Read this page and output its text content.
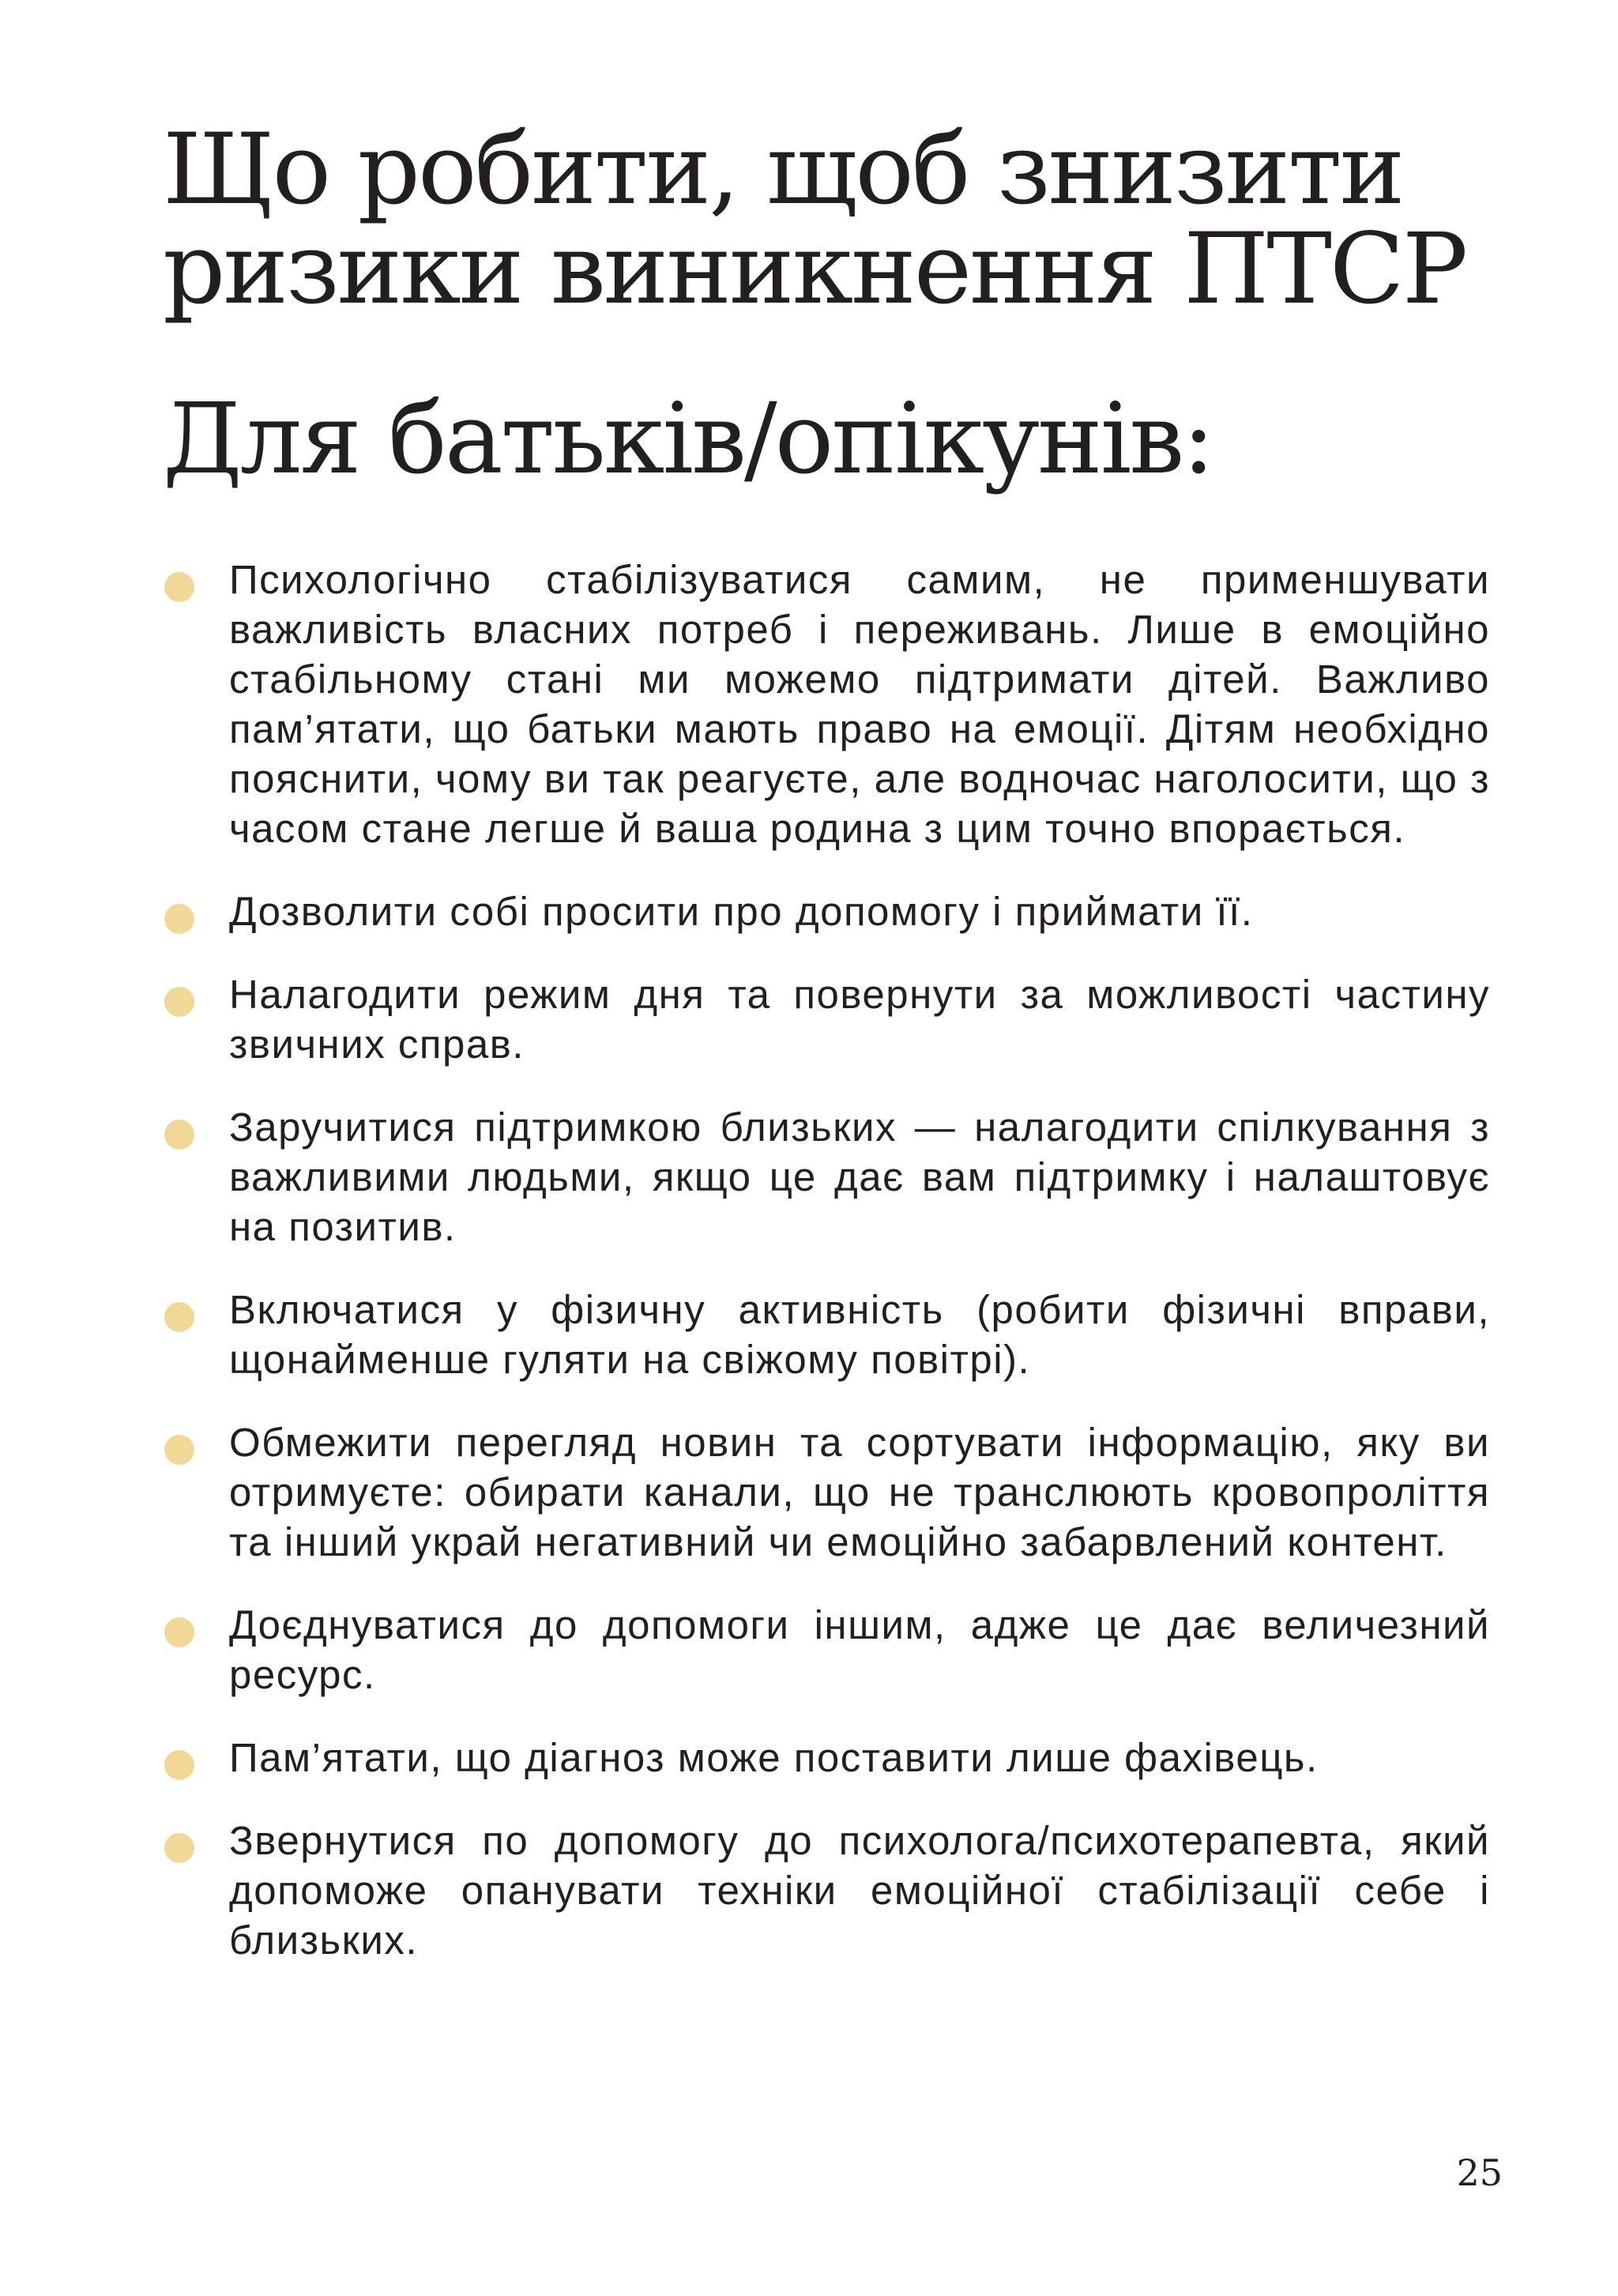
Що робити, щоб знизити
ризики виникнення ПТСР
Для батьків/опікунів:
Психологічно стабілізуватися самим, не применшувати важливість власних потреб і переживань. Лише в емоційно стабільному стані ми можемо підтримати дітей. Важливо пам’ятати, що батьки мають право на емоції. Дітям необхідно пояснити, чому ви так реагуєте, але водночас наголосити, що з часом стане легше й ваша родина з цим точно впорається.
Дозволити собі просити про допомогу і приймати її.
Налагодити режим дня та повернути за можливості частину звичних справ.
Заручитися підтримкою близьких — налагодити спілкування з важливими людьми, якщо це дає вам підтримку і налаштовує на позитив.
Включатися у фізичну активність (робити фізичні вправи, щонайменше гуляти на свіжому повітрі).
Обмежити перегляд новин та сортувати інформацію, яку ви отримуєте: обирати канали, що не транслюють кровопроліття та інший украй негативний чи емоційно забарвлений контент.
Доєднуватися до допомоги іншим, адже це дає величезний ресурс.
Пам’ятати, що діагноз може поставити лише фахівець.
Звернутися по допомогу до психолога/психотерапевта, який допоможе опанувати техніки емоційної стабілізації себе і близьких.
25
